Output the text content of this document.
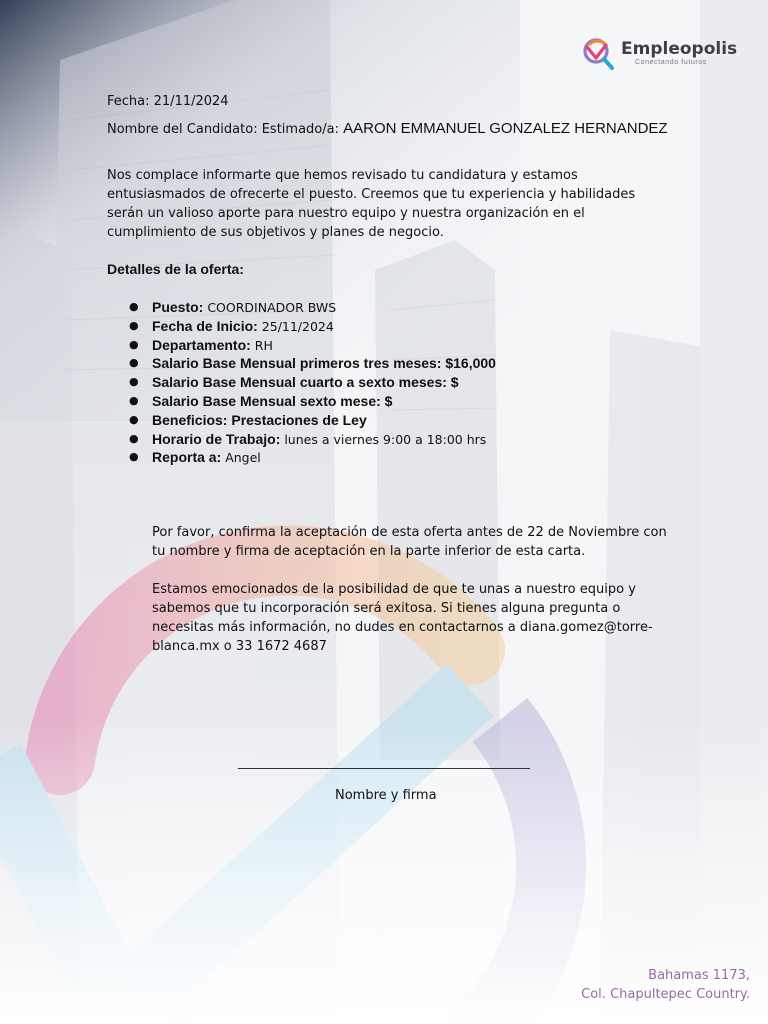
Empleopolis
Conectando futuros
Fecha: 21/11/2024
Nombre del Candidato: Estimado/a: AARON EMMANUEL GONZALEZ HERNANDEZ
Nos complace informarte que hemos revisado tu candidatura y estamos entusiasmados de ofrecerte el puesto. Creemos que tu experiencia y habilidades serán un valioso aporte para nuestro equipo y nuestra organización en el cumplimiento de sus objetivos y planes de negocio.
Detalles de la oferta:
● Puesto: COORDINADOR BWS
● Fecha de Inicio: 25/11/2024
● Departamento: RH
● Salario Base Mensual primeros tres meses: $16,000
● Salario Base Mensual cuarto a sexto meses: $
● Salario Base Mensual sexto mese: $
● Beneficios: Prestaciones de Ley
● Horario de Trabajo: lunes a viernes 9:00 a 18:00 hrs
● Reporta a: Angel
Por favor, confirma la aceptación de esta oferta antes de 22 de Noviembre con tu nombre y firma de aceptación en la parte inferior de esta carta.
Estamos emocionados de la posibilidad de que te unas a nuestro equipo y sabemos que tu incorporación será exitosa. Si tienes alguna pregunta o necesitas más información, no dudes en contactarnos a diana.gomez@torre-blanca.mx o 33 1672 4687
Nombre y firma
Bahamas 1173,
Col. Chapultepec Country.
